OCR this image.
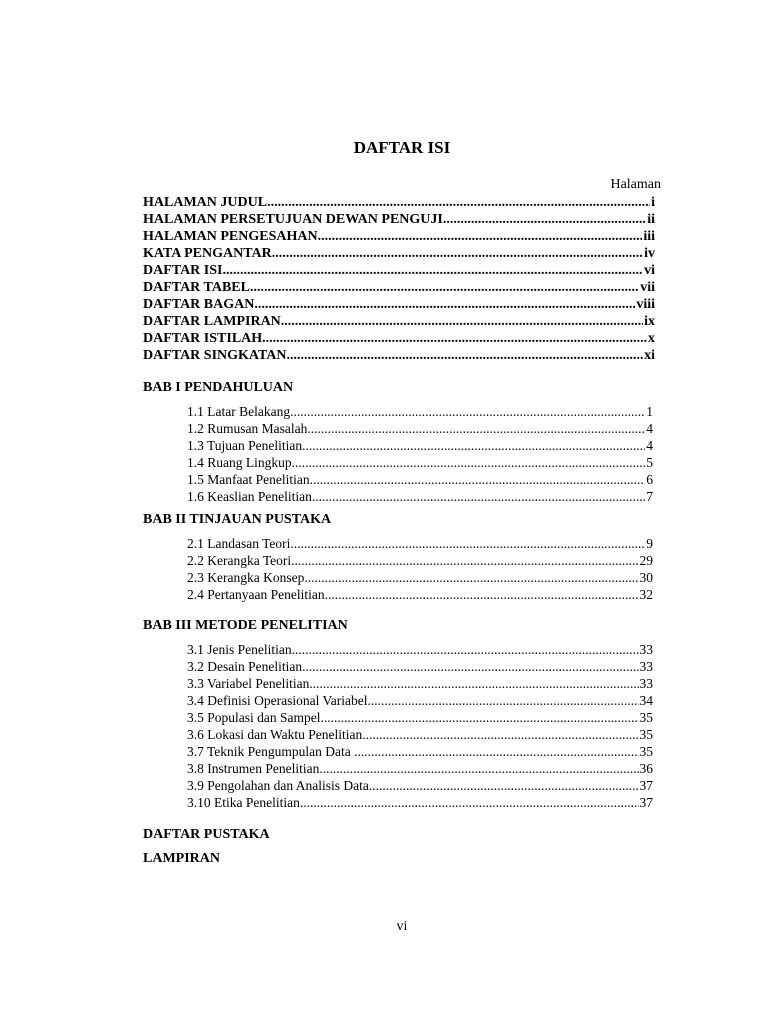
DAFTAR ISI
Halaman
HALAMAN JUDUL .....	i
HALAMAN PERSETUJUAN DEWAN PENGUJI .....	ii
HALAMAN PENGESAHAN .....	iii
KATA PENGANTAR .....	iv
DAFTAR ISI .....	vi
DAFTAR TABEL .....	vii
DAFTAR BAGAN .....	viii
DAFTAR LAMPIRAN .....	ix
DAFTAR ISTILAH .....	x
DAFTAR SINGKATAN .....	xi
BAB I PENDAHULUAN
1.1 Latar Belakang .....	1
1.2 Rumusan Masalah .....	4
1.3 Tujuan Penelitian .....	4
1.4 Ruang Lingkup .....	5
1.5 Manfaat Penelitian .....	6
1.6 Keaslian Penelitian .....	7
BAB II TINJAUAN PUSTAKA
2.1 Landasan Teori .....	9
2.2 Kerangka Teori .....	29
2.3 Kerangka Konsep .....	30
2.4 Pertanyaan Penelitian .....	32
BAB III METODE PENELITIAN
3.1 Jenis Penelitian .....	33
3.2 Desain Penelitian .....	33
3.3 Variabel Penelitian .....	33
3.4 Definisi Operasional Variabel .....	34
3.5 Populasi dan Sampel .....	35
3.6 Lokasi dan Waktu Penelitian .....	35
3.7 Teknik Pengumpulan Data .....	35
3.8 Instrumen Penelitian .....	36
3.9 Pengolahan dan Analisis Data .....	37
3.10 Etika Penelitian .....	37
DAFTAR PUSTAKA
LAMPIRAN
vi
